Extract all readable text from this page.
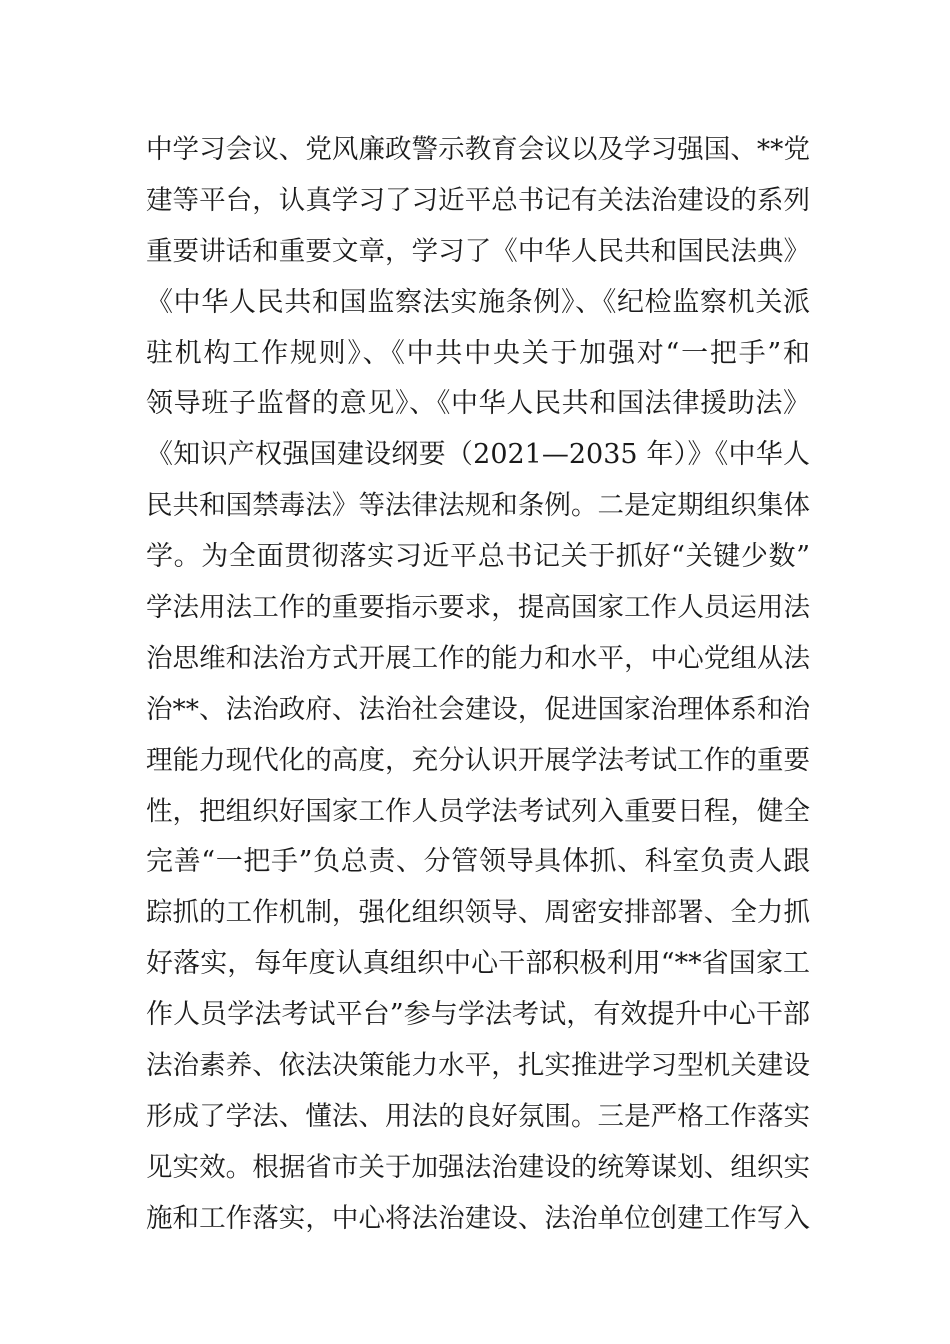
中学习会议、党风廉政警示教育会议以及学习强国、**党
建等平台，认真学习了习近平总书记有关法治建设的系列
重要讲话和重要文章，学习了《中华人民共和国民法典》
《中华人民共和国监察法实施条例》、《纪检监察机关派
驻机构工作规则》、《中共中央关于加强对“一把手”和
领导班子监督的意见》、《中华人民共和国法律援助法》
《知识产权强国建设纲要（2021—2035 年）》《中华人
民共和国禁毒法》等法律法规和条例。二是定期组织集体
学。为全面贯彻落实习近平总书记关于抓好“关键少数”
学法用法工作的重要指示要求，提高国家工作人员运用法
治思维和法治方式开展工作的能力和水平，中心党组从法
治**、法治政府、法治社会建设，促进国家治理体系和治
理能力现代化的高度，充分认识开展学法考试工作的重要
性，把组织好国家工作人员学法考试列入重要日程，健全
完善“一把手”负总责、分管领导具体抓、科室负责人跟
踪抓的工作机制，强化组织领导、周密安排部署、全力抓
好落实，每年度认真组织中心干部积极利用“**省国家工
作人员学法考试平台”参与学法考试，有效提升中心干部
法治素养、依法决策能力水平，扎实推进学习型机关建设
形成了学法、懂法、用法的良好氛围。三是严格工作落实
见实效。根据省市关于加强法治建设的统筹谋划、组织实
施和工作落实，中心将法治建设、法治单位创建工作写入
